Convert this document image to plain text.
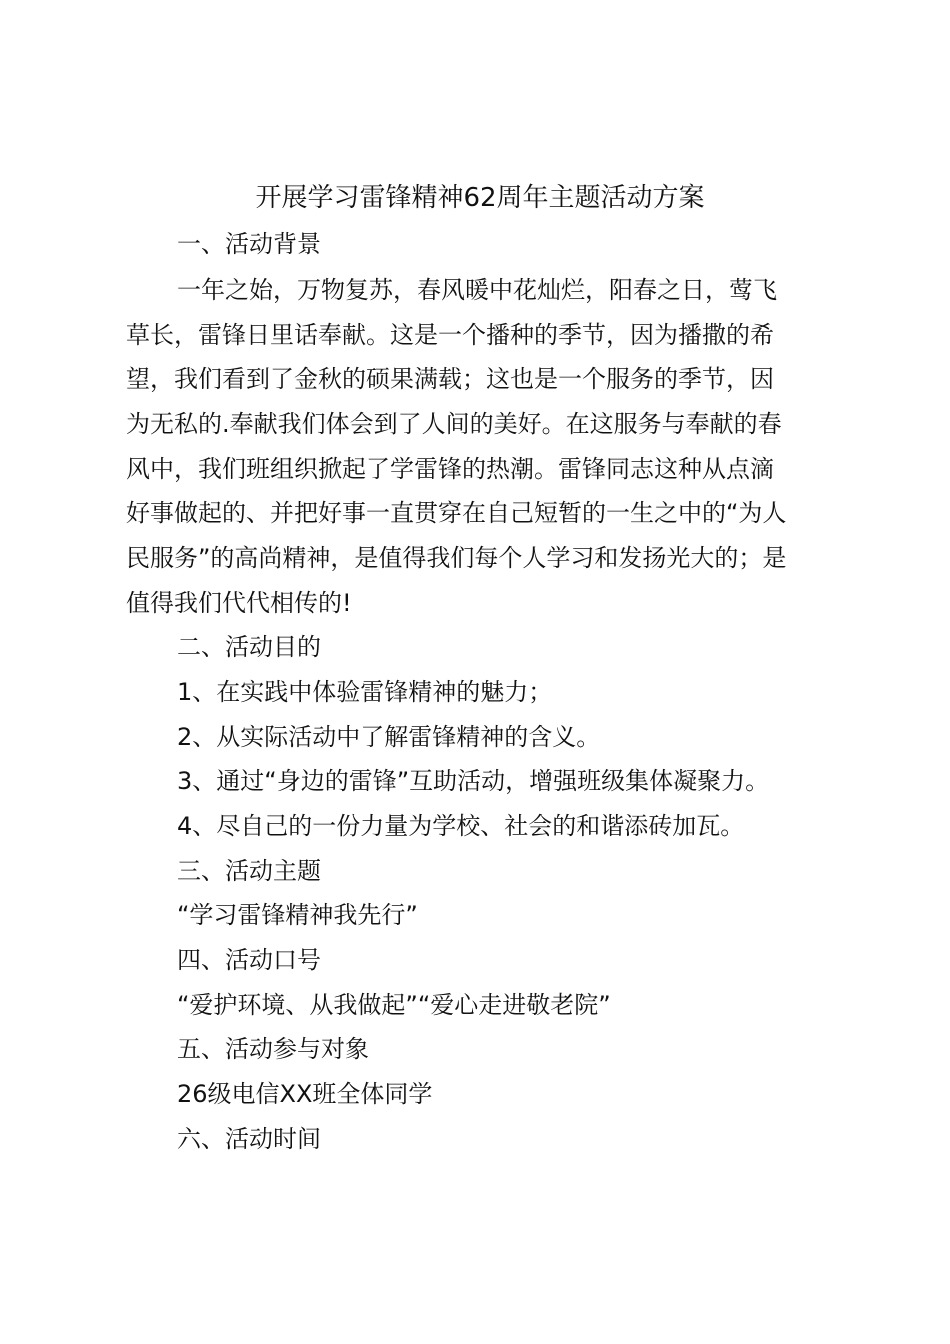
开展学习雷锋精神62周年主题活动方案
一、活动背景
一年之始，万物复苏，春风暖中花灿烂，阳春之日，莺飞
草长，雷锋日里话奉献。这是一个播种的季节，因为播撒的希
望，我们看到了金秋的硕果满载；这也是一个服务的季节，因
为无私的.奉献我们体会到了人间的美好。在这服务与奉献的春
风中，我们班组织掀起了学雷锋的热潮。雷锋同志这种从点滴
好事做起的、并把好事一直贯穿在自己短暂的一生之中的“为人
民服务”的高尚精神，是值得我们每个人学习和发扬光大的；是
值得我们代代相传的!
二、活动目的
1、在实践中体验雷锋精神的魅力；
2、从实际活动中了解雷锋精神的含义。
3、通过“身边的雷锋”互助活动，增强班级集体凝聚力。
4、尽自己的一份力量为学校、社会的和谐添砖加瓦。
三、活动主题
“学习雷锋精神我先行”
四、活动口号
“爱护环境、从我做起”“爱心走进敬老院”
五、活动参与对象
26级电信XX班全体同学
六、活动时间
